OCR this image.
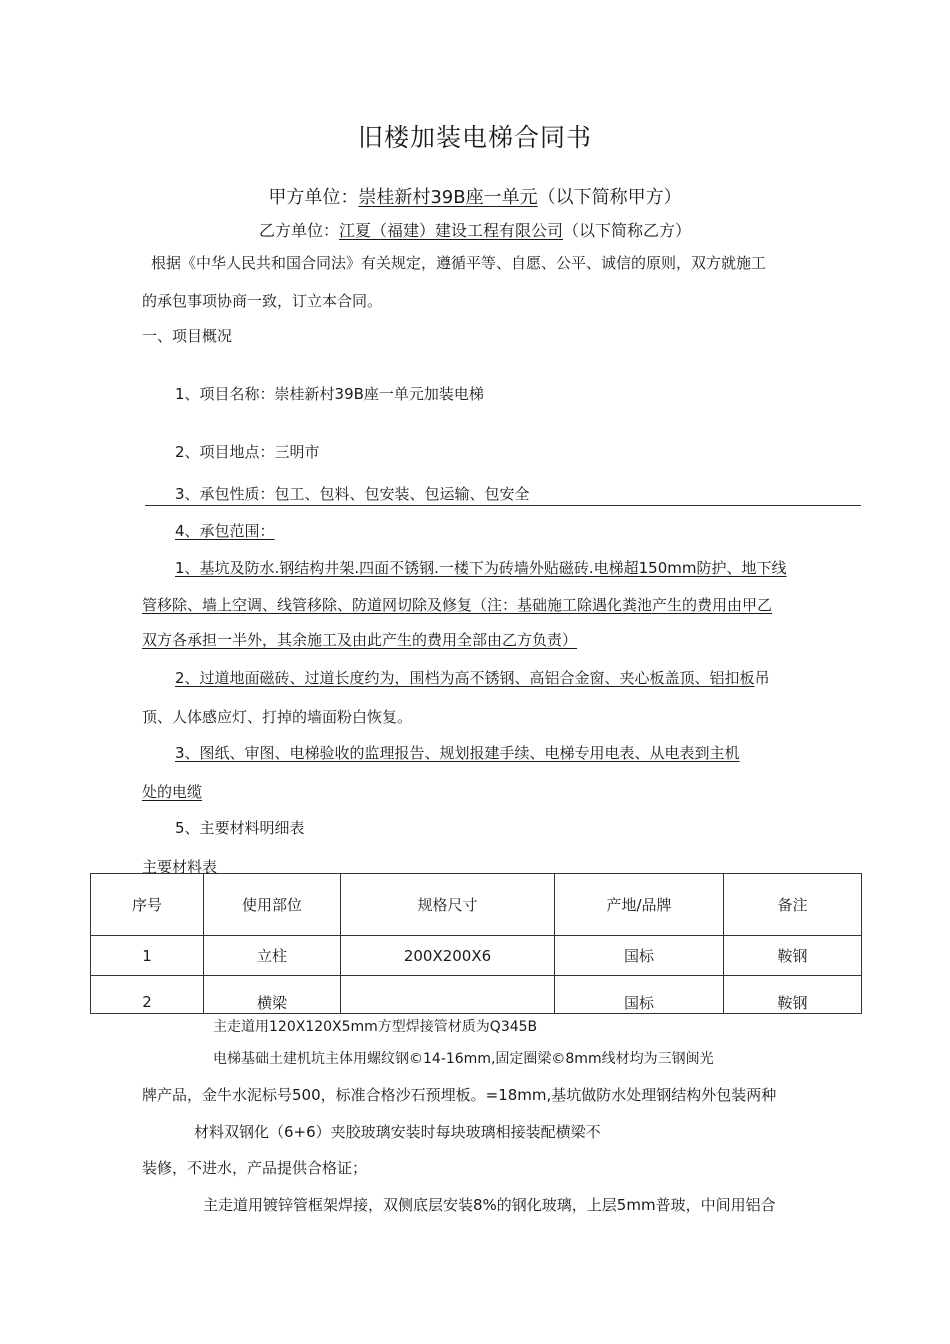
旧楼加装电梯合同书
甲方单位：崇桂新村39B座一单元（以下简称甲方）
乙方单位：江夏（福建）建设工程有限公司（以下简称乙方）
根据《中华人民共和国合同法》有关规定，遵循平等、自愿、公平、诚信的原则，双方就施工
的承包事项协商一致，订立本合同。
一、项目概况
1、项目名称：崇桂新村39B座一单元加装电梯
2、项目地点：三明市
3、承包性质：包工、包料、包安装、包运输、包安全
4、承包范围：
1、基坑及防水.钢结构井架.四面不锈钢.一楼下为砖墙外贴磁砖.电梯超150mm防护、地下线
管移除、墙上空调、线管移除、防道网切除及修复（注：基础施工除遇化粪池产生的费用由甲乙
双方各承担一半外，其余施工及由此产生的费用全部由乙方负责）
2、过道地面磁砖、过道长度约为，围档为高不锈钢、高铝合金窗、夹心板盖顶、铝扣板吊
顶、人体感应灯、打掉的墙面粉白恢复。
3、图纸、审图、电梯验收的监理报告、规划报建手续、电梯专用电表、从电表到主机
处的电缆
5、主要材料明细表
主要材料表
序号	使用部位	规格尺寸	产地/品牌	备注
1	立柱	200X200X6	国标	鞍钢
2	横梁		国标	鞍钢
主走道用120X120X5mm方型焊接管材质为Q345B
电梯基础土建机坑主体用螺纹钢©14-16mm,固定圈梁©8mm线材均为三钢闽光
牌产品，金牛水泥标号500，标准合格沙石预埋板。=18mm,基坑做防水处理钢结构外包装两种
材料双钢化（6+6）夹胶玻璃安装时每块玻璃相接装配横梁不
装修，不进水，产品提供合格证；
主走道用镀锌管框架焊接，双侧底层安装8%的钢化玻璃，上层5mm普玻，中间用铝合
